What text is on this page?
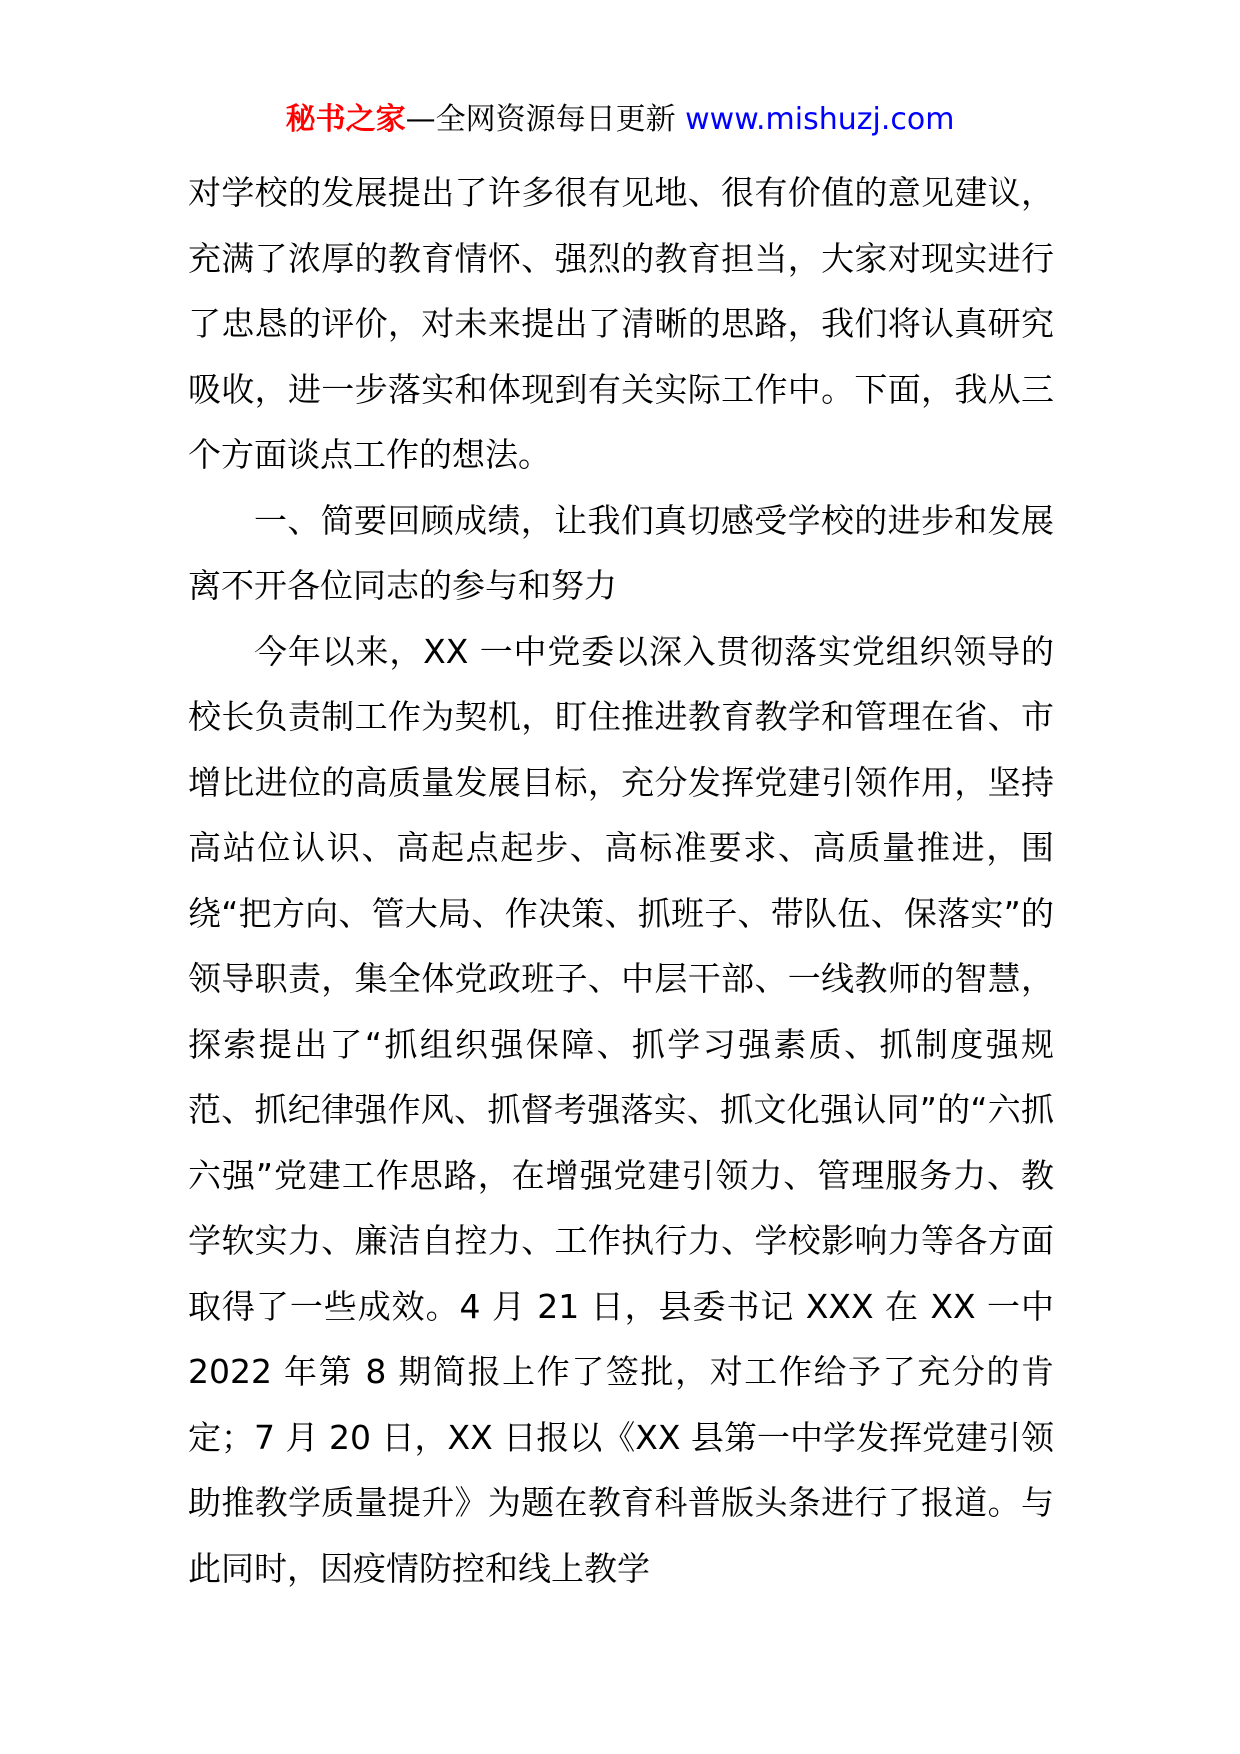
秘书之家—全网资源每日更新 www.mishuzj.com

对学校的发展提出了许多很有见地、很有价值的意见建议，充满了浓厚的教育情怀、强烈的教育担当，大家对现实进行了忠恳的评价，对未来提出了清晰的思路，我们将认真研究吸收，进一步落实和体现到有关实际工作中。下面，我从三个方面谈点工作的想法。

一、简要回顾成绩，让我们真切感受学校的进步和发展离不开各位同志的参与和努力

今年以来，XX 一中党委以深入贯彻落实党组织领导的校长负责制工作为契机，盯住推进教育教学和管理在省、市增比进位的高质量发展目标，充分发挥党建引领作用，坚持高站位认识、高起点起步、高标准要求、高质量推进，围绕“把方向、管大局、作决策、抓班子、带队伍、保落实”的领导职责，集全体党政班子、中层干部、一线教师的智慧，探索提出了“抓组织强保障、抓学习强素质、抓制度强规范、抓纪律强作风、抓督考强落实、抓文化强认同”的“六抓六强”党建工作思路，在增强党建引领力、管理服务力、教学软实力、廉洁自控力、工作执行力、学校影响力等各方面取得了一些成效。4 月 21 日，县委书记 XXX 在 XX 一中 2022 年第 8 期简报上作了签批，对工作给予了充分的肯定；7 月 20 日，XX 日报以《XX 县第一中学发挥党建引领助推教学质量提升》为题在教育科普版头条进行了报道。与此同时，因疫情防控和线上教学
